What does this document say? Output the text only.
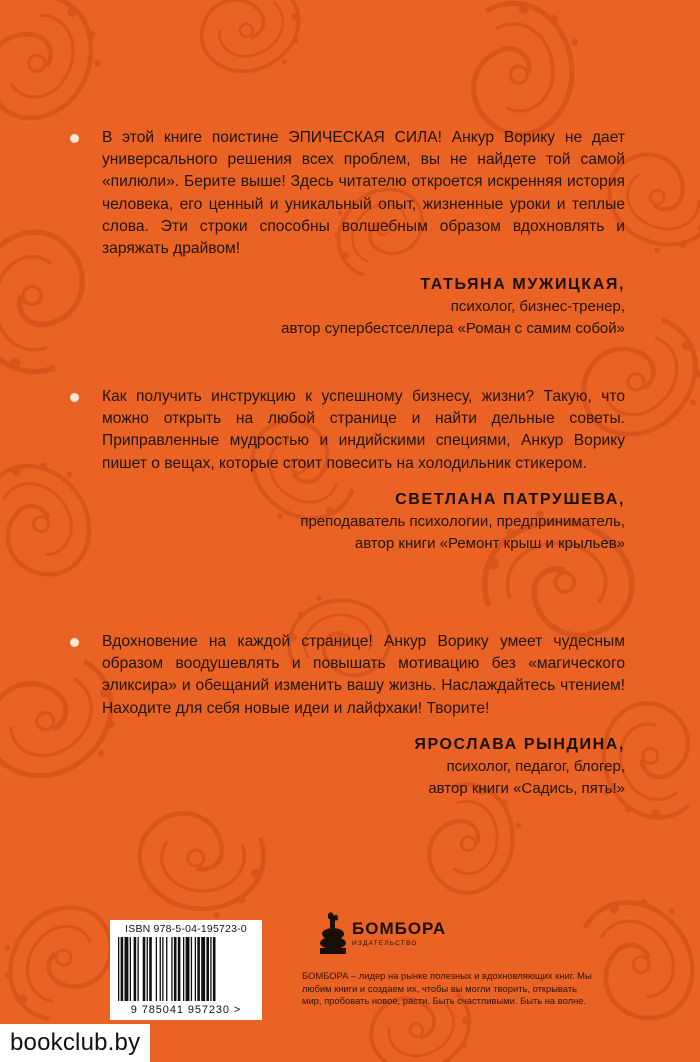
В этой книге поистине ЭПИЧЕСКАЯ СИЛА! Анкур Ворику не дает универсального решения всех проблем, вы не найдете той самой «пилюли». Берите выше! Здесь читателю откроется искренняя история человека, его ценный и уникальный опыт, жизненные уроки и теплые слова. Эти строки способны волшебным образом вдохновлять и заряжать драйвом!
ТАТЬЯНА МУЖИЦКАЯ,
психолог, бизнес-тренер,
автор супербестселлера «Роман с самим собой»
Как получить инструкцию к успешному бизнесу, жизни? Такую, что можно открыть на любой странице и найти дельные советы. Приправленные мудростью и индийскими специями, Анкур Ворику пишет о вещах, которые стоит повесить на холодильник стикером.
СВЕТЛАНА ПАТРУШЕВА,
преподаватель психологии, предприниматель,
автор книги «Ремонт крыш и крыльев»
Вдохновение на каждой странице! Анкур Ворику умеет чудесным образом воодушевлять и повышать мотивацию без «магического эликсира» и обещаний изменить вашу жизнь. Наслаждайтесь чтением! Находите для себя новые идеи и лайфхаки! Творите!
ЯРОСЛАВА РЫНДИНА,
психолог, педагог, блогер,
автор книги «Садись, пять!»
ISBN 978-5-04-195723-0
9 785041 957230 >
БОМБОРА
ИЗДАТЕЛЬСТВО
БОМБОРА – лидер на рынке полезных и вдохновляющих книг. Мы любим книги и создаем их, чтобы вы могли творить, открывать мир, пробовать новое, расти. Быть счастливыми. Быть на волне.
bookclub.by
